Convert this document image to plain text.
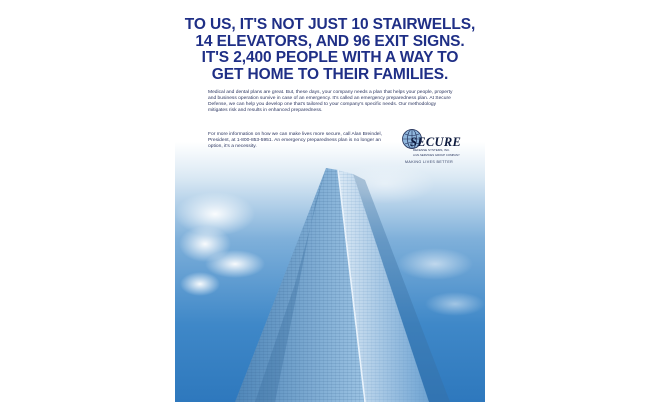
TO US, IT'S NOT JUST 10 STAIRWELLS,
14 ELEVATORS, AND 96 EXIT SIGNS.
IT'S 2,400 PEOPLE WITH A WAY TO
GET HOME TO THEIR FAMILIES.

Medical and dental plans are great. But, these days, your company needs a plan that helps your people, property and business operation survive in case of an emergency. It's called an emergency preparedness plan. At Secure Defense, we can help you develop one that's tailored to your company's specific needs. Our methodology mitigates risk and results in enhanced preparedness.

For more information on how we can make lives more secure, call Alan Breindel, President, at 1-800-853-5951. An emergency preparedness plan is no longer an option, it's a necessity.	SECURE
DEFENSE SYSTEMS, INC.
A ML SERVICES GROUP COMPANY
MAKING LIVES BETTER
